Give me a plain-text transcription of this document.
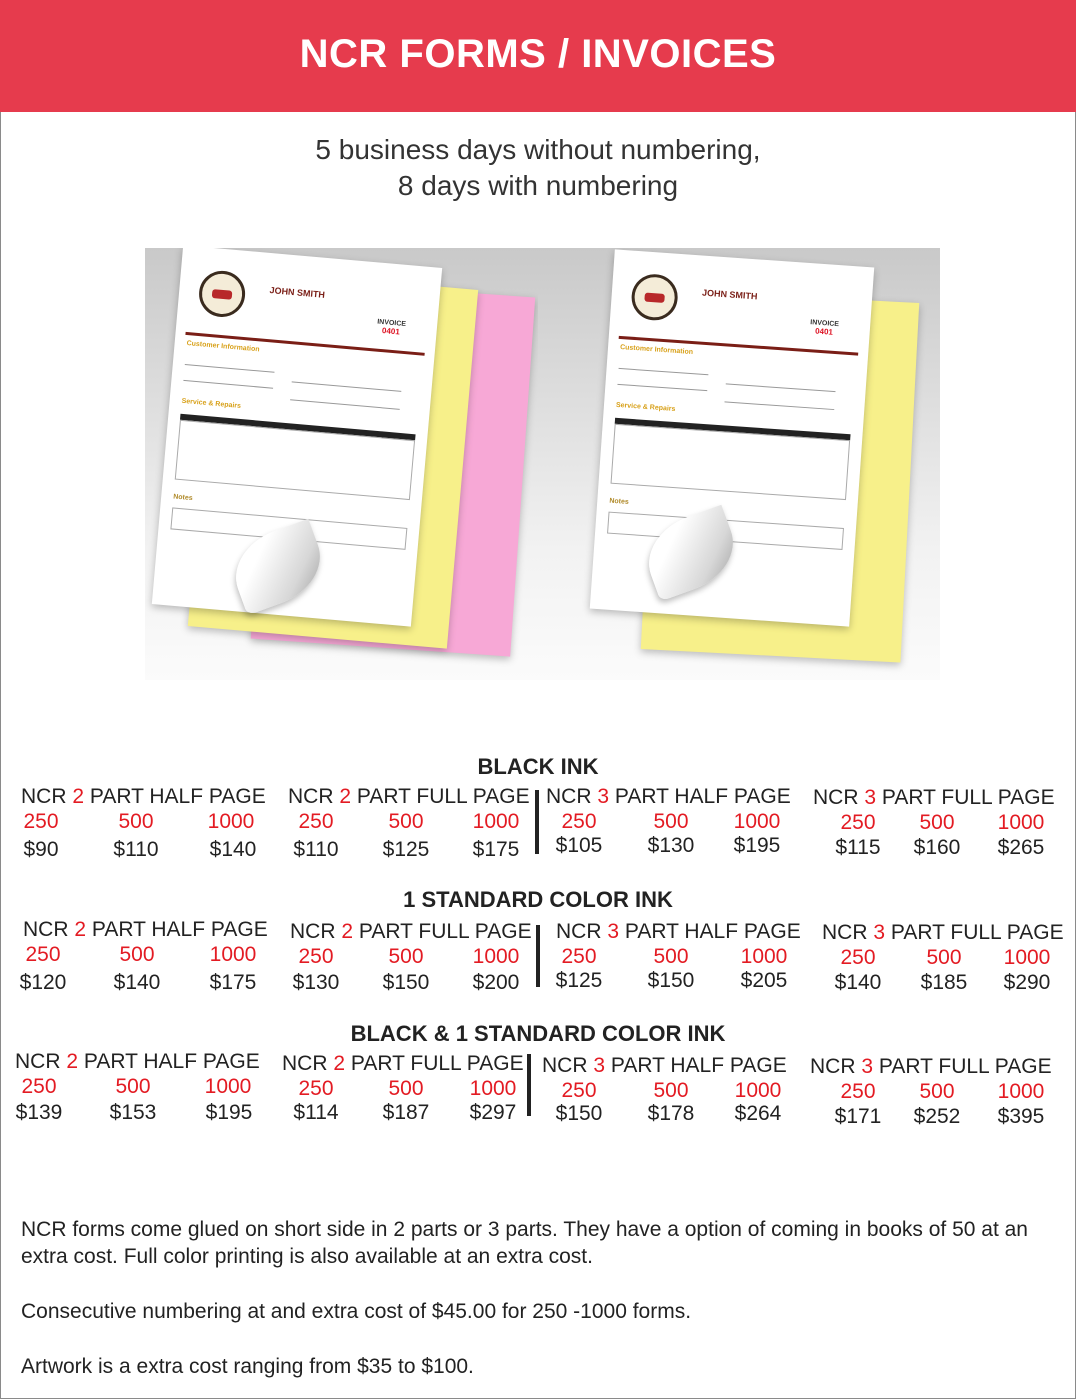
NCR FORMS / INVOICES
5 business days without numbering,
8 days with numbering
JOHN SMITH
INVOICE
0401
Customer Information
Service & Repairs
Notes
JOHN SMITH
INVOICE
0401
Customer Information
Service & Repairs
Notes
BLACK INK
NCR 2 PART HALF PAGE
250	500	1000
$90	$110	$140
NCR 2 PART FULL PAGE
250	500	1000
$110	$125	$175
NCR 3 PART HALF PAGE
250	500	1000
$105	$130	$195
NCR 3 PART FULL PAGE
250	500	1000
$115	$160	$265
1 STANDARD COLOR INK
NCR 2 PART HALF PAGE
250	500	1000
$120	$140	$175
NCR 2 PART FULL PAGE
250	500	1000
$130	$150	$200
NCR 3 PART HALF PAGE
250	500	1000
$125	$150	$205
NCR 3 PART FULL PAGE
250	500	1000
$140	$185	$290
BLACK & 1 STANDARD COLOR INK
NCR 2 PART HALF PAGE
250	500	1000
$139	$153	$195
NCR 2 PART FULL PAGE
250	500	1000
$114	$187	$297
NCR 3 PART HALF PAGE
250	500	1000
$150	$178	$264
NCR 3 PART FULL PAGE
250	500	1000
$171	$252	$395
NCR forms come glued on short side in 2 parts or 3 parts. They have a option of coming in books of 50 at an extra cost. Full color printing is also available at an extra cost.
Consecutive numbering at and extra cost of $45.00 for 250 -1000 forms.
Artwork is a extra cost ranging from $35 to $100.
